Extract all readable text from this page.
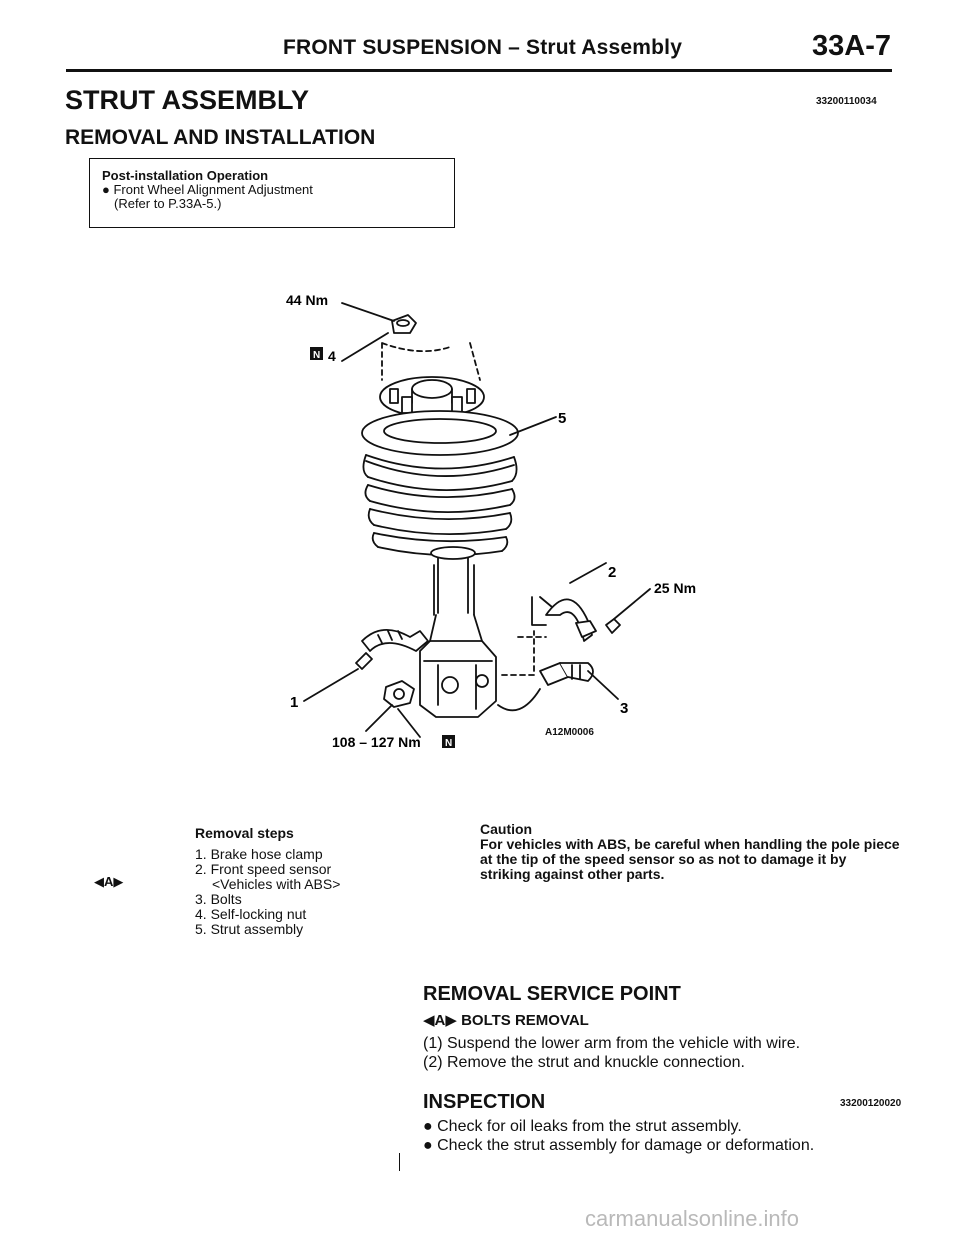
FRONT SUSPENSION – Strut Assembly	33A-7
STRUT ASSEMBLY	33200110034
REMOVAL AND INSTALLATION
Post-installation Operation
● Front Wheel Alignment Adjustment
(Refer to P.33A-5.)
44 Nm
N 4
5
2
25 Nm
1	3
108 – 127 Nm N
A12M0006
◀A▶
Removal steps
1. Brake hose clamp
2. Front speed sensor
<Vehicles with ABS>
3. Bolts
4. Self-locking nut
5. Strut assembly
Caution
For vehicles with ABS, be careful when handling the pole piece at the tip of the speed sensor so as not to damage it by striking against other parts.
REMOVAL SERVICE POINT
◀A▶ BOLTS REMOVAL
(1) Suspend the lower arm from the vehicle with wire.
(2) Remove the strut and knuckle connection.
INSPECTION	33200120020
● Check for oil leaks from the strut assembly.
● Check the strut assembly for damage or deformation.
carmanualsonline.info
